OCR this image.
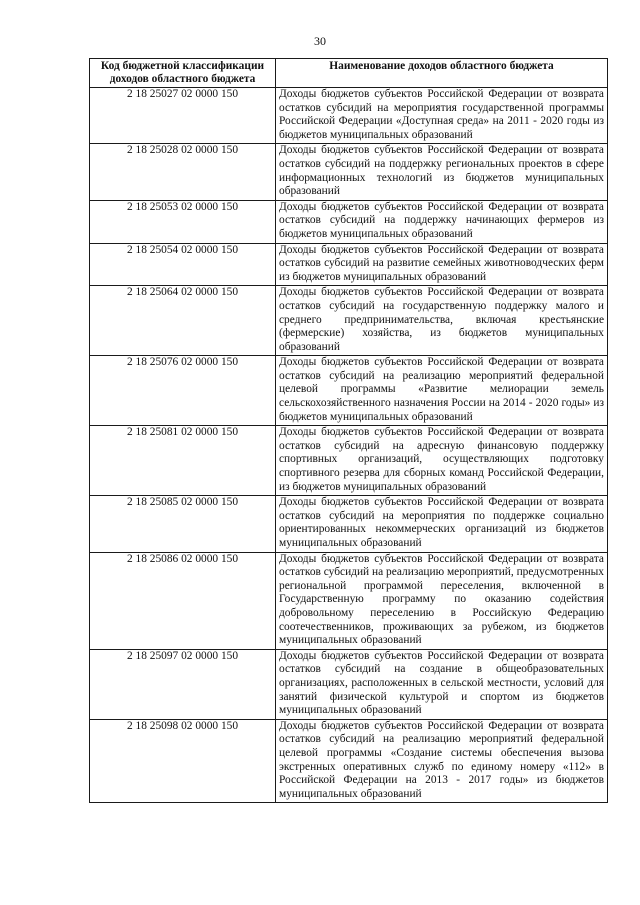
30
Код бюджетной классификации доходов областного бюджета	Наименование доходов областного бюджета
2 18 25027 02 0000 150	Доходы бюджетов субъектов Российской Федерации от возврата остатков субсидий на мероприятия государственной программы Российской Федерации «Доступная среда» на 2011 - 2020 годы из бюджетов муниципальных образований
2 18 25028 02 0000 150	Доходы бюджетов субъектов Российской Федерации от возврата остатков субсидий на поддержку региональных проектов в сфере информационных технологий из бюджетов муниципальных образований
2 18 25053 02 0000 150	Доходы бюджетов субъектов Российской Федерации от возврата остатков субсидий на поддержку начинающих фермеров из бюджетов муниципальных образований
2 18 25054 02 0000 150	Доходы бюджетов субъектов Российской Федерации от возврата остатков субсидий на развитие семейных животноводческих ферм из бюджетов муниципальных образований
2 18 25064 02 0000 150	Доходы бюджетов субъектов Российской Федерации от возврата остатков субсидий на государственную поддержку малого и среднего предпринимательства, включая крестьянские (фермерские) хозяйства, из бюджетов муниципальных образований
2 18 25076 02 0000 150	Доходы бюджетов субъектов Российской Федерации от возврата остатков субсидий на реализацию мероприятий федеральной целевой программы «Развитие мелиорации земель сельскохозяйственного назначения России на 2014 - 2020 годы» из бюджетов муниципальных образований
2 18 25081 02 0000 150	Доходы бюджетов субъектов Российской Федерации от возврата остатков субсидий на адресную финансовую поддержку спортивных организаций, осуществляющих подготовку спортивного резерва для сборных команд Российской Федерации, из бюджетов муниципальных образований
2 18 25085 02 0000 150	Доходы бюджетов субъектов Российской Федерации от возврата остатков субсидий на мероприятия по поддержке социально ориентированных некоммерческих организаций из бюджетов муниципальных образований
2 18 25086 02 0000 150	Доходы бюджетов субъектов Российской Федерации от возврата остатков субсидий на реализацию мероприятий, предусмотренных региональной программой переселения, включенной в Государственную программу по оказанию содействия добровольному переселению в Российскую Федерацию соотечественников, проживающих за рубежом, из бюджетов муниципальных образований
2 18 25097 02 0000 150	Доходы бюджетов субъектов Российской Федерации от возврата остатков субсидий на создание в общеобразовательных организациях, расположенных в сельской местности, условий для занятий физической культурой и спортом из бюджетов муниципальных образований
2 18 25098 02 0000 150	Доходы бюджетов субъектов Российской Федерации от возврата остатков субсидий на реализацию мероприятий федеральной целевой программы «Создание системы обеспечения вызова экстренных оперативных служб по единому номеру «112» в Российской Федерации на 2013 - 2017 годы» из бюджетов муниципальных образований
